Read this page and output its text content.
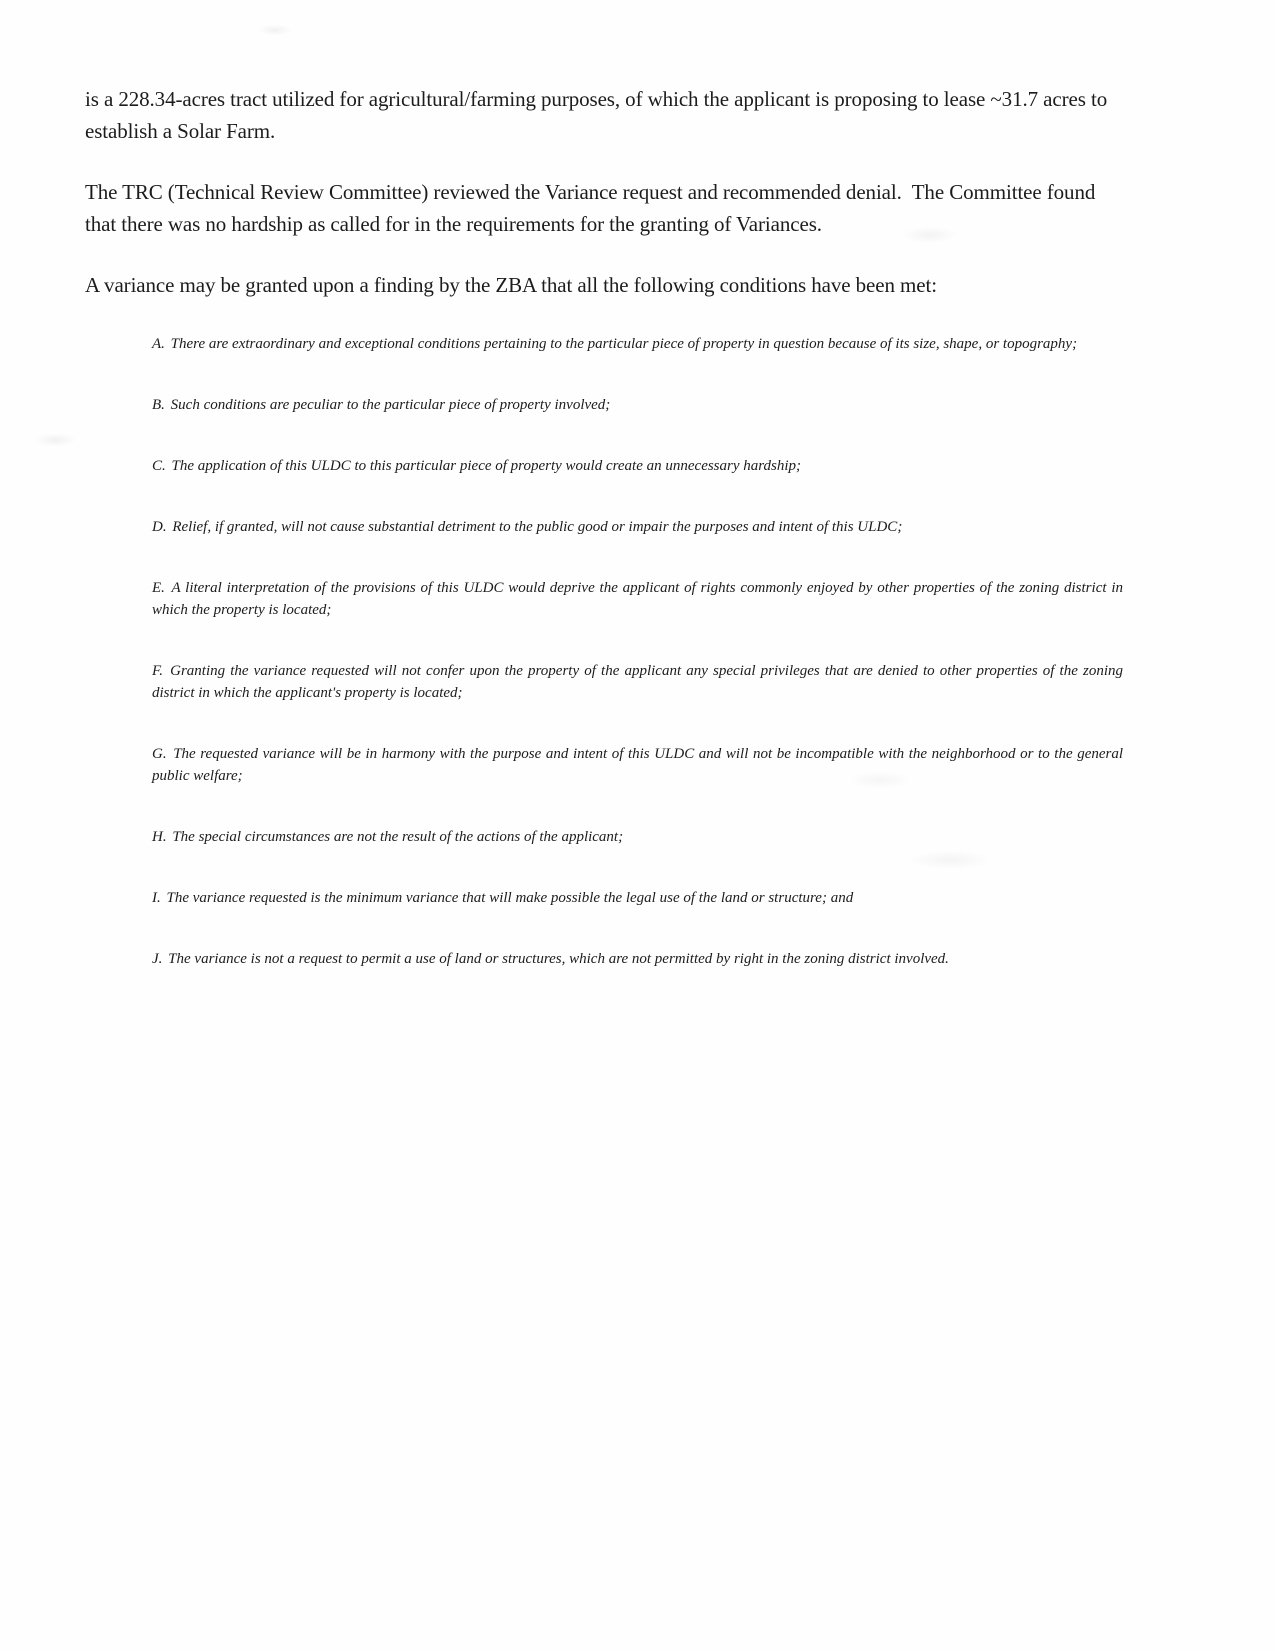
is a 228.34-acres tract utilized for agricultural/farming purposes, of which the applicant is proposing to lease ~31.7 acres to establish a Solar Farm.

The TRC (Technical Review Committee) reviewed the Variance request and recommended denial.  The Committee found that there was no hardship as called for in the requirements for the granting of Variances.

A variance may be granted upon a finding by the ZBA that all the following conditions have been met:

A. There are extraordinary and exceptional conditions pertaining to the particular piece of property in question because of its size, shape, or topography;

B. Such conditions are peculiar to the particular piece of property involved;

C. The application of this ULDC to this particular piece of property would create an unnecessary hardship;

D. Relief, if granted, will not cause substantial detriment to the public good or impair the purposes and intent of this ULDC;

E. A literal interpretation of the provisions of this ULDC would deprive the applicant of rights commonly enjoyed by other properties of the zoning district in which the property is located;

F. Granting the variance requested will not confer upon the property of the applicant any special privileges that are denied to other properties of the zoning district in which the applicant's property is located;

G. The requested variance will be in harmony with the purpose and intent of this ULDC and will not be incompatible with the neighborhood or to the general public welfare;

H. The special circumstances are not the result of the actions of the applicant;

I. The variance requested is the minimum variance that will make possible the legal use of the land or structure; and

J. The variance is not a request to permit a use of land or structures, which are not permitted by right in the zoning district involved.
